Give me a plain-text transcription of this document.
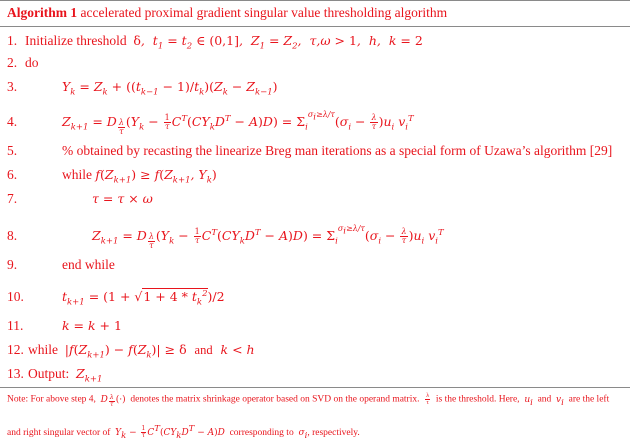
Algorithm 1 accelerated proximal gradient singular value thresholding algorithm
1. Initialize threshold
δ,  $t_1 = t_2$ ∈ (0,1],  $Z_1 = Z_2$,  τ,ω > 1,  h,  k = 2
2. do
3.	$Y_k = Z_k + ((t_{k-1} - 1)/t_k)(Z_k - Z_{k-1})$
4.	$Z_{k+1} = D$ $_{\frac{\lambda}{\tau}}$ $(Y_k - \frac{1}{\tau} C^T(CY_kD^T - A)D) = \Sigma_i^{\sigma_i\ge\lambda/\tau}(\sigma_i - \frac{\lambda}{\tau} )u_i$ $v_i^T$
5.	% obtained by recasting the linearize Breg man iterations as a special form of Uzawa’s algorithm [29]
6.	while
$f(Z_{k+1}) \ge f(Z_{k+1}$, $Y_k$)
7.	τ = τ × ω
8.	$Z_{k+1} = D$ $_{\frac{\lambda}{\tau}}$ $(Y_k - \frac{1}{\tau} C^T(CY_kD^T - A)D) = \Sigma_i^{\sigma_i\ge\lambda/\tau}(\sigma_i - \frac{\lambda}{\tau} )u_i$ $v_i^T$
9.	end while
10.	$t_{k+1} = (1 + √1 + 4 * t_k^2)/2$
11.	k = k + 1
12. while
$|f(Z_{k+1}) - f(Z_k)| \ge \delta$ and  k < h
13. Output:
$Z_{k+1}$
Note: For above step 4, D $_{\frac{\lambda}{\tau}}$ (·) denotes the matrix shrinkage operator based on SVD on the operand matrix. $\frac{\lambda}{\tau}$ is the threshold. Here, $u_i$ and $v_i$ are the left
and right singular vector of $Y_k - \frac{1}{\tau} C^T(CY_kD^T - A)D$ corresponding to $\sigma_i$, respectively.
